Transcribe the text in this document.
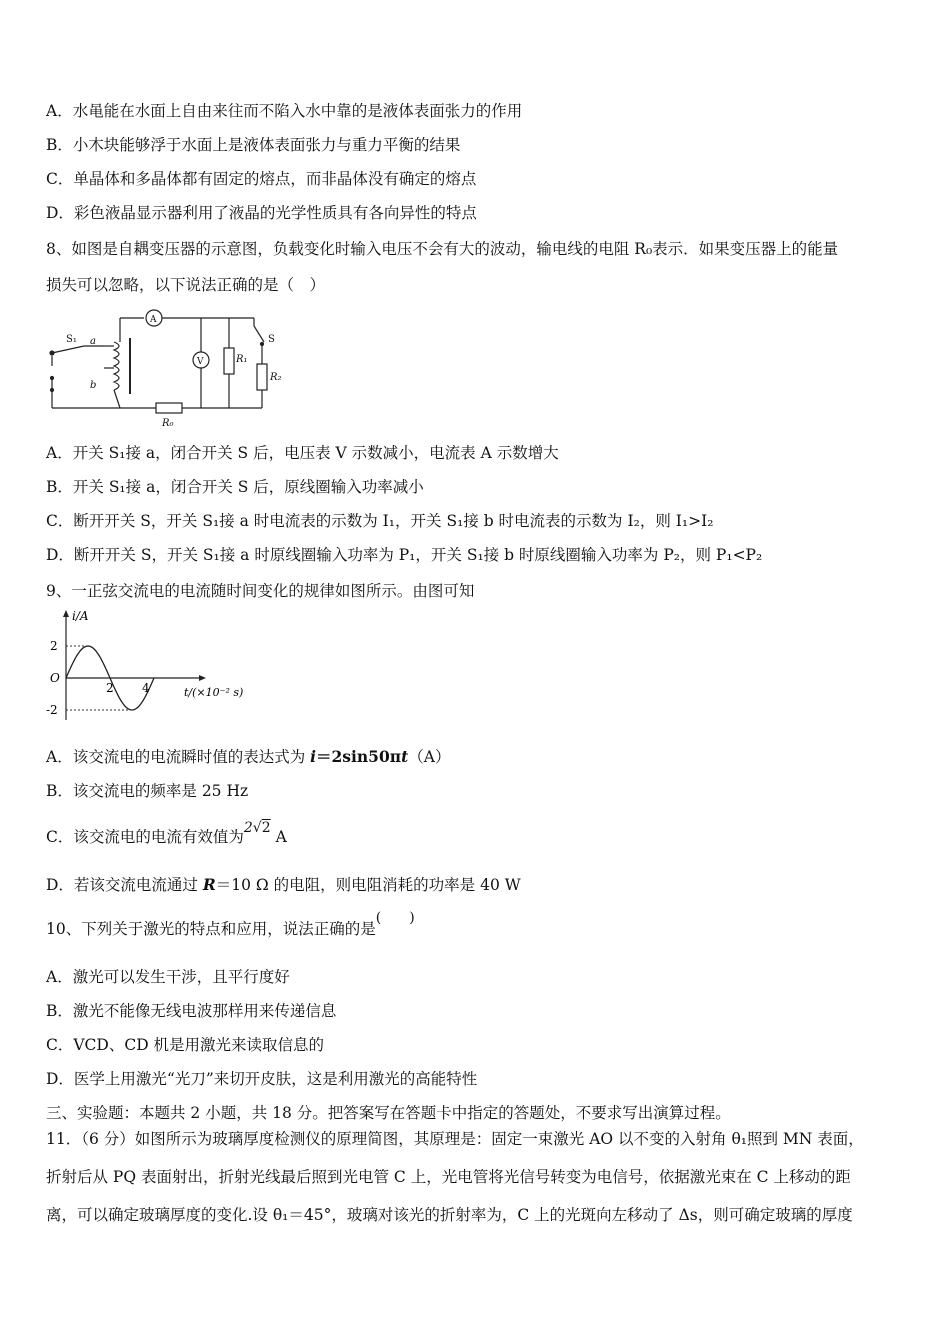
A．水黾能在水面上自由来往而不陷入水中靠的是液体表面张力的作用
B．小木块能够浮于水面上是液体表面张力与重力平衡的结果
C．单晶体和多晶体都有固定的熔点，而非晶体没有确定的熔点
D．彩色液晶显示器利用了液晶的光学性质具有各向异性的特点
8、如图是自耦变压器的示意图，负载变化时输入电压不会有大的波动，输电线的电阻 R₀表示．如果变压器上的能量
损失可以忽略，以下说法正确的是（　）
S₁ a
b
A
V	R₁
R₂
R₀
S
A．开关 S₁接 a，闭合开关 S 后，电压表 V 示数减小，电流表 A 示数增大
B．开关 S₁接 a，闭合开关 S 后，原线圈输入功率减小
C．断开开关 S，开关 S₁接 a 时电流表的示数为 I₁，开关 S₁接 b 时电流表的示数为 I₂，则 I₁>I₂
D．断开开关 S，开关 S₁接 a 时原线圈输入功率为 P₁，开关 S₁接 b 时原线圈输入功率为 P₂，则 P₁<P₂
9、一正弦交流电的电流随时间变化的规律如图所示。由图可知
i/A
2
-2
O
2 4	t/(×10⁻² s)
A．该交流电的电流瞬时值的表达式为 i＝2sin50πt（A）
B．该交流电的频率是 25 Hz
C．该交流电的电流有效值为2√2 A
D．若该交流电流通过 R＝10 Ω 的电阻，则电阻消耗的功率是 40 W
10、下列关于激光的特点和应用，说法正确的是(　　)
A．激光可以发生干涉，且平行度好
B．激光不能像无线电波那样用来传递信息
C．VCD、CD 机是用激光来读取信息的
D．医学上用激光“光刀”来切开皮肤，这是利用激光的高能特性
三、实验题：本题共 2 小题，共 18 分。把答案写在答题卡中指定的答题处，不要求写出演算过程。
11．（6 分）如图所示为玻璃厚度检测仪的原理简图，其原理是：固定一束激光 AO 以不变的入射角 θ₁照到 MN 表面，
折射后从 PQ 表面射出，折射光线最后照到光电管 C 上，光电管将光信号转变为电信号，依据激光束在 C 上移动的距
离，可以确定玻璃厚度的变化.设 θ₁＝45°，玻璃对该光的折射率为，C 上的光斑向左移动了 Δs，则可确定玻璃的厚度
